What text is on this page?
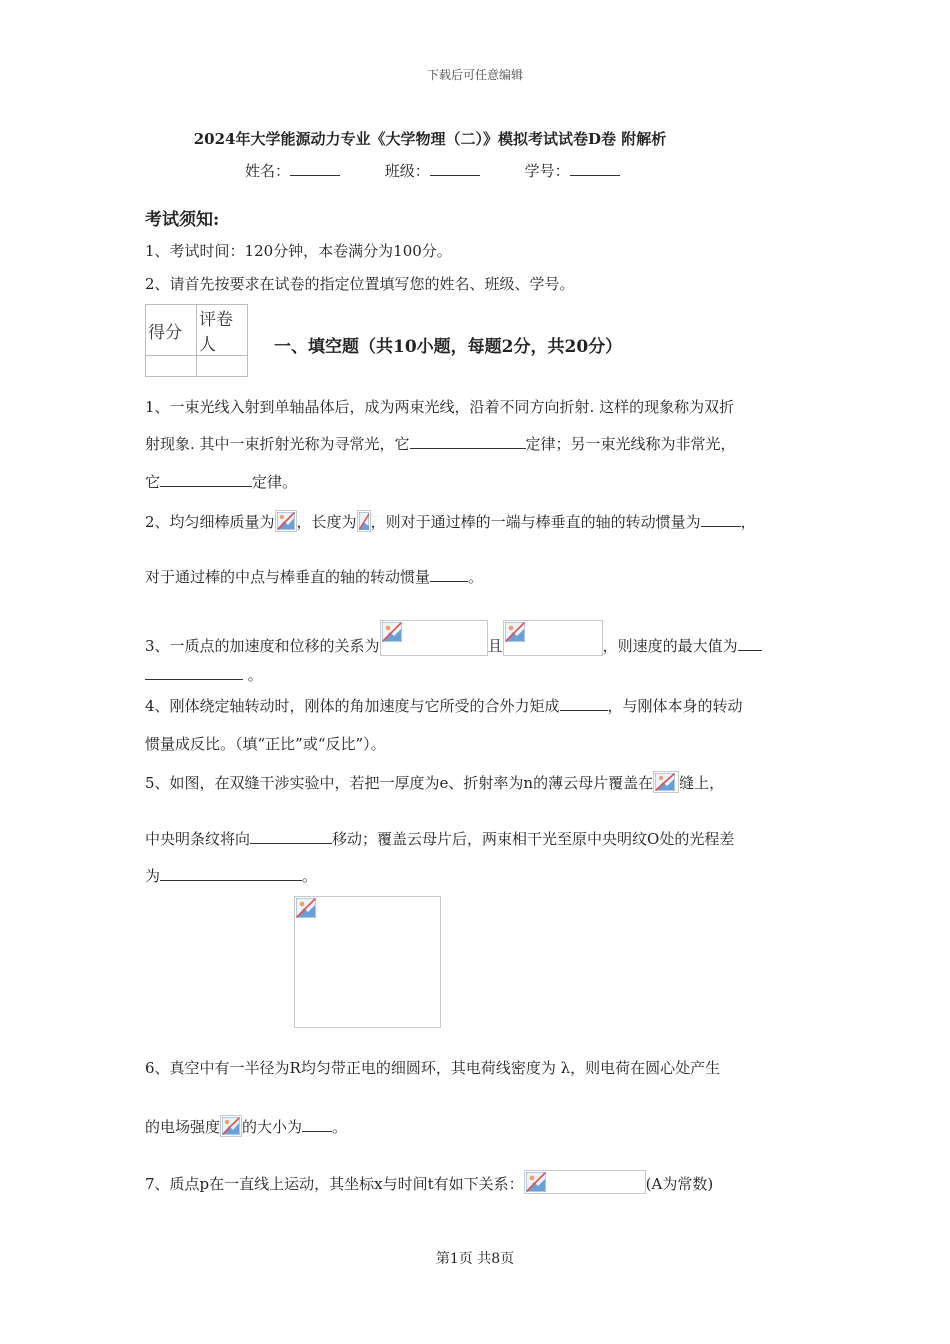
下载后可任意编辑
2024年大学能源动力专业《大学物理（二）》模拟考试试卷D卷 附解析
姓名：	班级：	学号：
考试须知:
1、考试时间：120分钟，本卷满分为100分。
2、请首先按要求在试卷的指定位置填写您的姓名、班级、学号。
得分	评卷人
		一、填空题（共10小题，每题2分，共20分）
1、一束光线入射到单轴晶体后，成为两束光线，沿着不同方向折射. 这样的现象称为双折
射现象. 其中一束折射光称为寻常光，它	定律；另一束光线称为非常光，
它	定律。
2、均匀细棒质量为 ，长度为 ，则对于通过棒的一端与棒垂直的轴的转动惯量为	，
对于通过棒的中点与棒垂直的轴的转动惯量	。
3、一质点的加速度和位移的关系为	且	，则速度的最大值为
。
4、刚体绕定轴转动时，刚体的角加速度与它所受的合外力矩成	，与刚体本身的转动
惯量成反比。（填“正比”或“反比”）。
5、如图，在双缝干涉实验中，若把一厚度为e、折射率为n的薄云母片覆盖在 缝上，
中央明条纹将向	移动；覆盖云母片后，两束相干光至原中央明纹O处的光程差
为	。
6、真空中有一半径为R均匀带正电的细圆环，其电荷线密度为 λ，则电荷在圆心处产生
的电场强度 的大小为 。
7、质点p在一直线上运动，其坐标x与时间t有如下关系：	(A为常数)
第1页 共8页
